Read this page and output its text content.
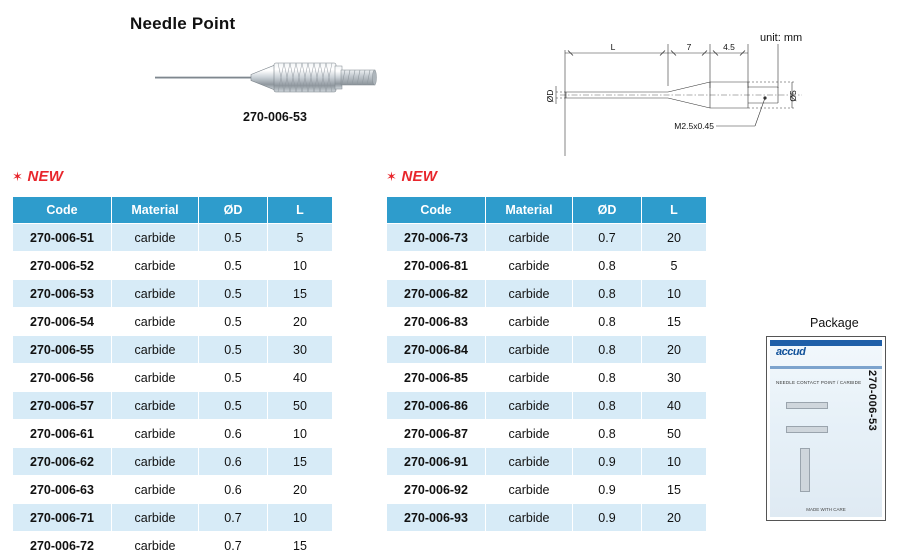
Needle Point
270-006-53
unit: mm
L	7	4.5
ØD	Ø5
M2.5x0.45
✶ NEW	✶ NEW
Code	Material	ØD	L
270-006-51	carbide	0.5	5
270-006-52	carbide	0.5	10
270-006-53	carbide	0.5	15
270-006-54	carbide	0.5	20
270-006-55	carbide	0.5	30
270-006-56	carbide	0.5	40
270-006-57	carbide	0.5	50
270-006-61	carbide	0.6	10
270-006-62	carbide	0.6	15
270-006-63	carbide	0.6	20
270-006-71	carbide	0.7	10
270-006-72	carbide	0.7	15
Code	Material	ØD	L
270-006-73	carbide	0.7	20
270-006-81	carbide	0.8	5
270-006-82	carbide	0.8	10
270-006-83	carbide	0.8	15
270-006-84	carbide	0.8	20
270-006-85	carbide	0.8	30
270-006-86	carbide	0.8	40
270-006-87	carbide	0.8	50
270-006-91	carbide	0.9	10
270-006-92	carbide	0.9	15
270-006-93	carbide	0.9	20

Package
accud
NEEDLE CONTACT POINT / CARBIDE 270-006-53
MADE WITH CARE
